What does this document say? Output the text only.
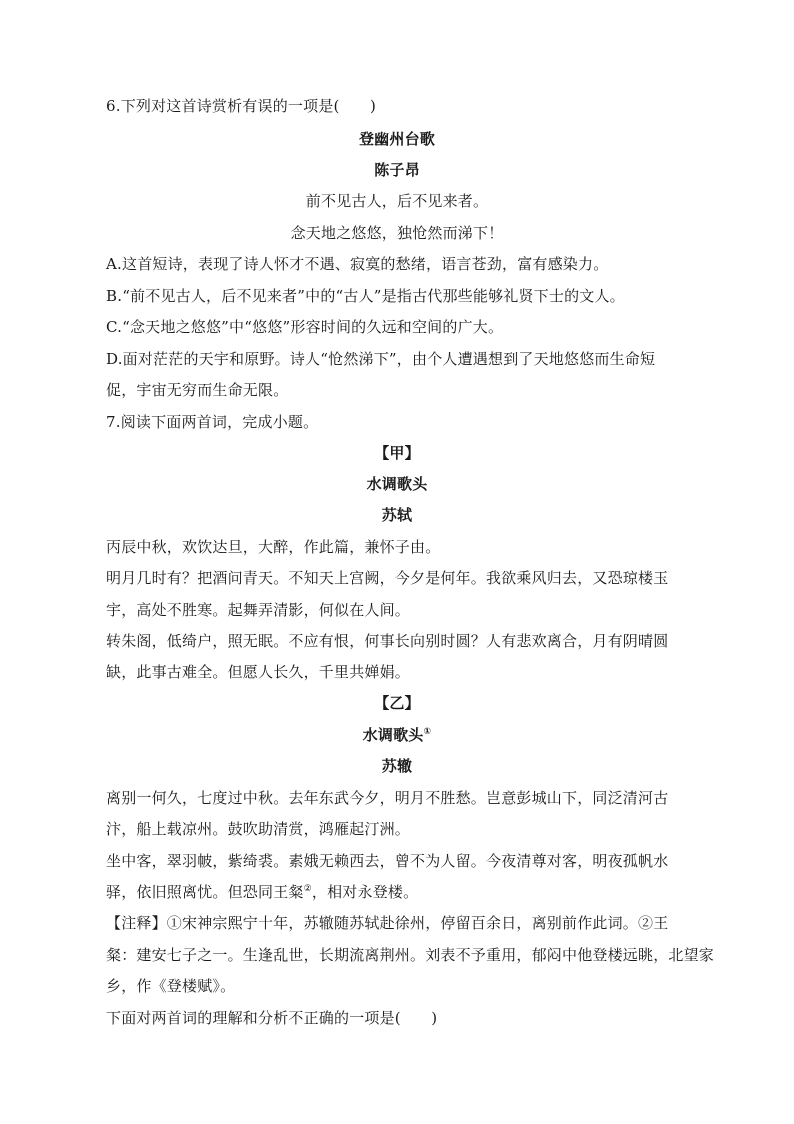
6.下列对这首诗赏析有误的一项是(　　)
登幽州台歌
陈子昂
前不见古人，后不见来者。
念天地之悠悠，独怆然而涕下！
A.这首短诗，表现了诗人怀才不遇、寂寞的愁绪，语言苍劲，富有感染力。
B.“前不见古人，后不见来者”中的“古人”是指古代那些能够礼贤下士的文人。
C.“念天地之悠悠”中“悠悠”形容时间的久远和空间的广大。
D.面对茫茫的天宇和原野。诗人“怆然涕下”，由个人遭遇想到了天地悠悠而生命短
促，宇宙无穷而生命无限。
7.阅读下面两首词，完成小题。
【甲】
水调歌头
苏轼
丙辰中秋，欢饮达旦，大醉，作此篇，兼怀子由。
明月几时有？把酒问青天。不知天上宫阙，今夕是何年。我欲乘风归去，又恐琼楼玉
宇，高处不胜寒。起舞弄清影，何似在人间。
转朱阁，低绮户，照无眠。不应有恨，何事长向别时圆？人有悲欢离合，月有阴晴圆
缺，此事古难全。但愿人长久，千里共婵娟。
【乙】
水调歌头①
苏辙
离别一何久，七度过中秋。去年东武今夕，明月不胜愁。岂意彭城山下，同泛清河古
汴，船上载凉州。鼓吹助清赏，鸿雁起汀洲。
坐中客，翠羽帔，紫绮裘。素娥无赖西去，曾不为人留。今夜清尊对客，明夜孤帆水
驿，依旧照离忧。但恐同王粲②，相对永登楼。
【注释】①宋神宗熙宁十年，苏辙随苏轼赴徐州，停留百余日，离别前作此词。②王
粲：建安七子之一。生逢乱世，长期流离荆州。刘表不予重用，郁闷中他登楼远眺，北望家
乡，作《登楼赋》。
下面对两首词的理解和分析不正确的一项是(　　)
